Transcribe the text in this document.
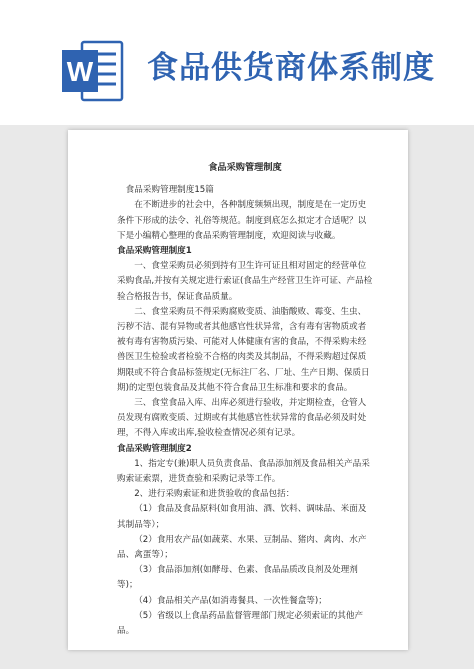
W 食品供货商体系制度
食品采购管理制度

食品采购管理制度15篇

在不断进步的社会中，各种制度频频出现，制度是在一定历史条件下形成的法令、礼俗等规范。制度到底怎么拟定才合适呢？以下是小编精心整理的食品采购管理制度，欢迎阅读与收藏。

食品采购管理制度1

一、食堂采购员必须到持有卫生许可证且相对固定的经营单位采购食品,并按有关规定进行索证(食品生产经营卫生许可证、产品检验合格报告书，保证食品质量。

二、食堂采购员不得采购腐败变质、油脂酸败、霉变、生虫、污秽不洁、混有异物或者其他感官性状异常，含有毒有害物质或者被有毒有害物质污染、可能对人体健康有害的食品，不得采购未经兽医卫生检验或者检验不合格的肉类及其制品，不得采购超过保质期限或不符合食品标签规定(无标注厂名、厂址、生产日期、保质日期)的定型包装食品及其他不符合食品卫生标准和要求的食品。

三、食堂食品入库、出库必须进行验收，并定期检查，仓管人员发现有腐败变质、过期或有其他感官性状异常的食品必须及时处理，不得入库或出库,验收检查情况必须有记录。

食品采购管理制度2

1、指定专(兼)职人员负责食品、食品添加剂及食品相关产品采购索证索票，进货查验和采购记录等工作。

2、进行采购索证和进货验收的食品包括：

（1）食品及食品原料(如食用油、酒、饮料、调味品、米面及其制品等）；

（2）食用农产品(如蔬菜、水果、豆制品、猪肉、禽肉、水产品、禽蛋等）；

（3）食品添加剂(如酵母、色素、食品品质改良剂及处理剂等)；

（4）食品相关产品(如消毒餐具、一次性餐盒等)；

（5）省级以上食品药品监督管理部门规定必须索证的其他产品。
